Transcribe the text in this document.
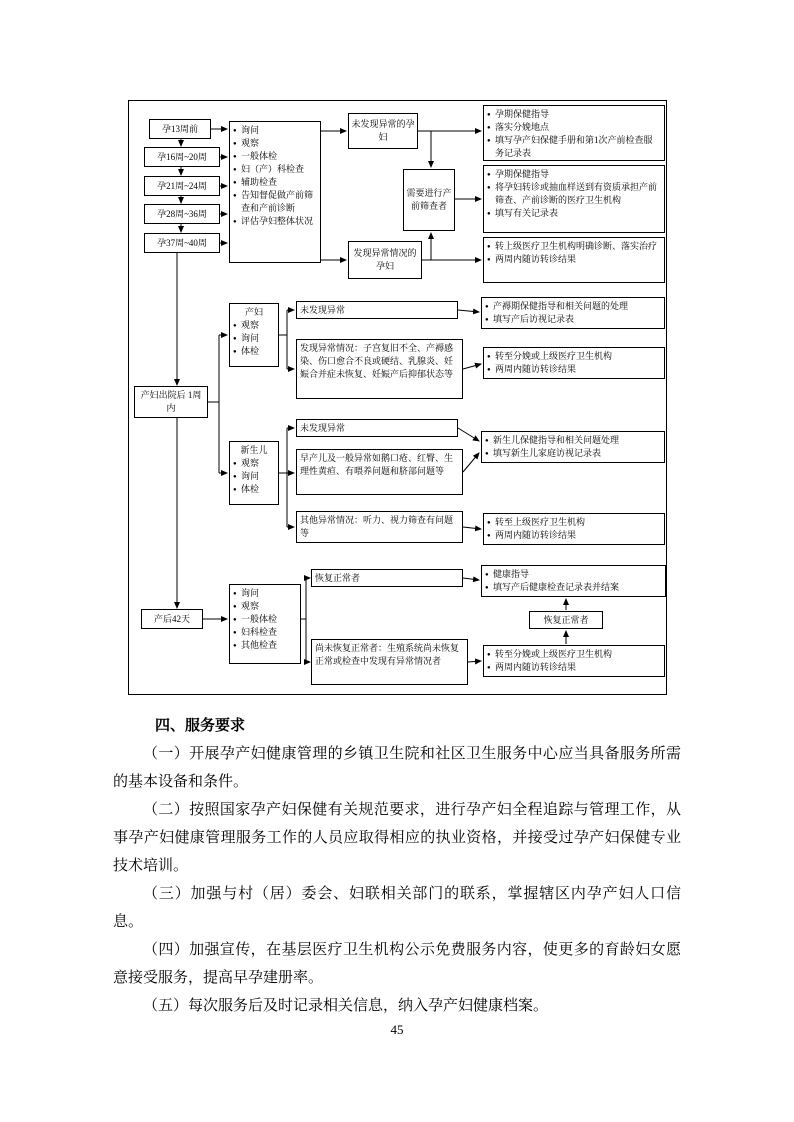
孕13周前
孕16周~20周
孕21周~24周
孕28周~36周
孕37周~40周
● 询问
● 观察
● 一般体检
● 妇（产）科检查
● 辅助检查
● 告知督促做产前筛查和产前诊断
● 评估孕妇整体状况
未发现异常的孕妇
需要进行产前筛查者
发现异常情况的孕妇
● 孕期保健指导
● 落实分娩地点
● 填写孕产妇保健手册和第1次产前检查服务记录表
● 孕期保健指导
● 将孕妇转诊或抽血样送到有资质承担产前筛查、产前诊断的医疗卫生机构
● 填写有关记录表
● 转上级医疗卫生机构明确诊断、落实治疗
● 两周内随访转诊结果
产妇出院后 1周内
产妇
● 观察
● 询问
● 体检
未发现异常
发现异常情况：子宫复旧不全、产褥感染、伤口愈合不良或硬结、乳腺炎、妊娠合并症未恢复、妊娠产后抑郁状态等
● 产褥期保健指导和相关问题的处理
● 填写产后访视记录表
● 转至分娩或上级医疗卫生机构
● 两周内随访转诊结果
新生儿
● 观察
● 询问
● 体检
未发现异常
早产儿及一般异常如鹅口疮、红臀、生理性黄疸、有喂养问题和脐部问题等
其他异常情况：听力、视力筛查有问题等
● 新生儿保健指导和相关问题处理
● 填写新生儿家庭访视记录表
● 转至上级医疗卫生机构
● 两周内随访转诊结果
产后42天
● 询问
● 观察
● 一般体检
● 妇科检查
● 其他检查
恢复正常者
尚未恢复正常者：生殖系统尚未恢复正常或检查中发现有异常情况者
● 健康指导
● 填写产后健康检查记录表并结案
恢复正常者
● 转至分娩或上级医疗卫生机构
● 两周内随访转诊结果
四、服务要求

（一）开展孕产妇健康管理的乡镇卫生院和社区卫生服务中心应当具备服务所需的基本设备和条件。

（二）按照国家孕产妇保健有关规范要求，进行孕产妇全程追踪与管理工作，从事孕产妇健康管理服务工作的人员应取得相应的执业资格，并接受过孕产妇保健专业技术培训。

（三）加强与村（居）委会、妇联相关部门的联系，掌握辖区内孕产妇人口信息。

（四）加强宣传，在基层医疗卫生机构公示免费服务内容，使更多的育龄妇女愿意接受服务，提高早孕建册率。

（五）每次服务后及时记录相关信息，纳入孕产妇健康档案。

45
